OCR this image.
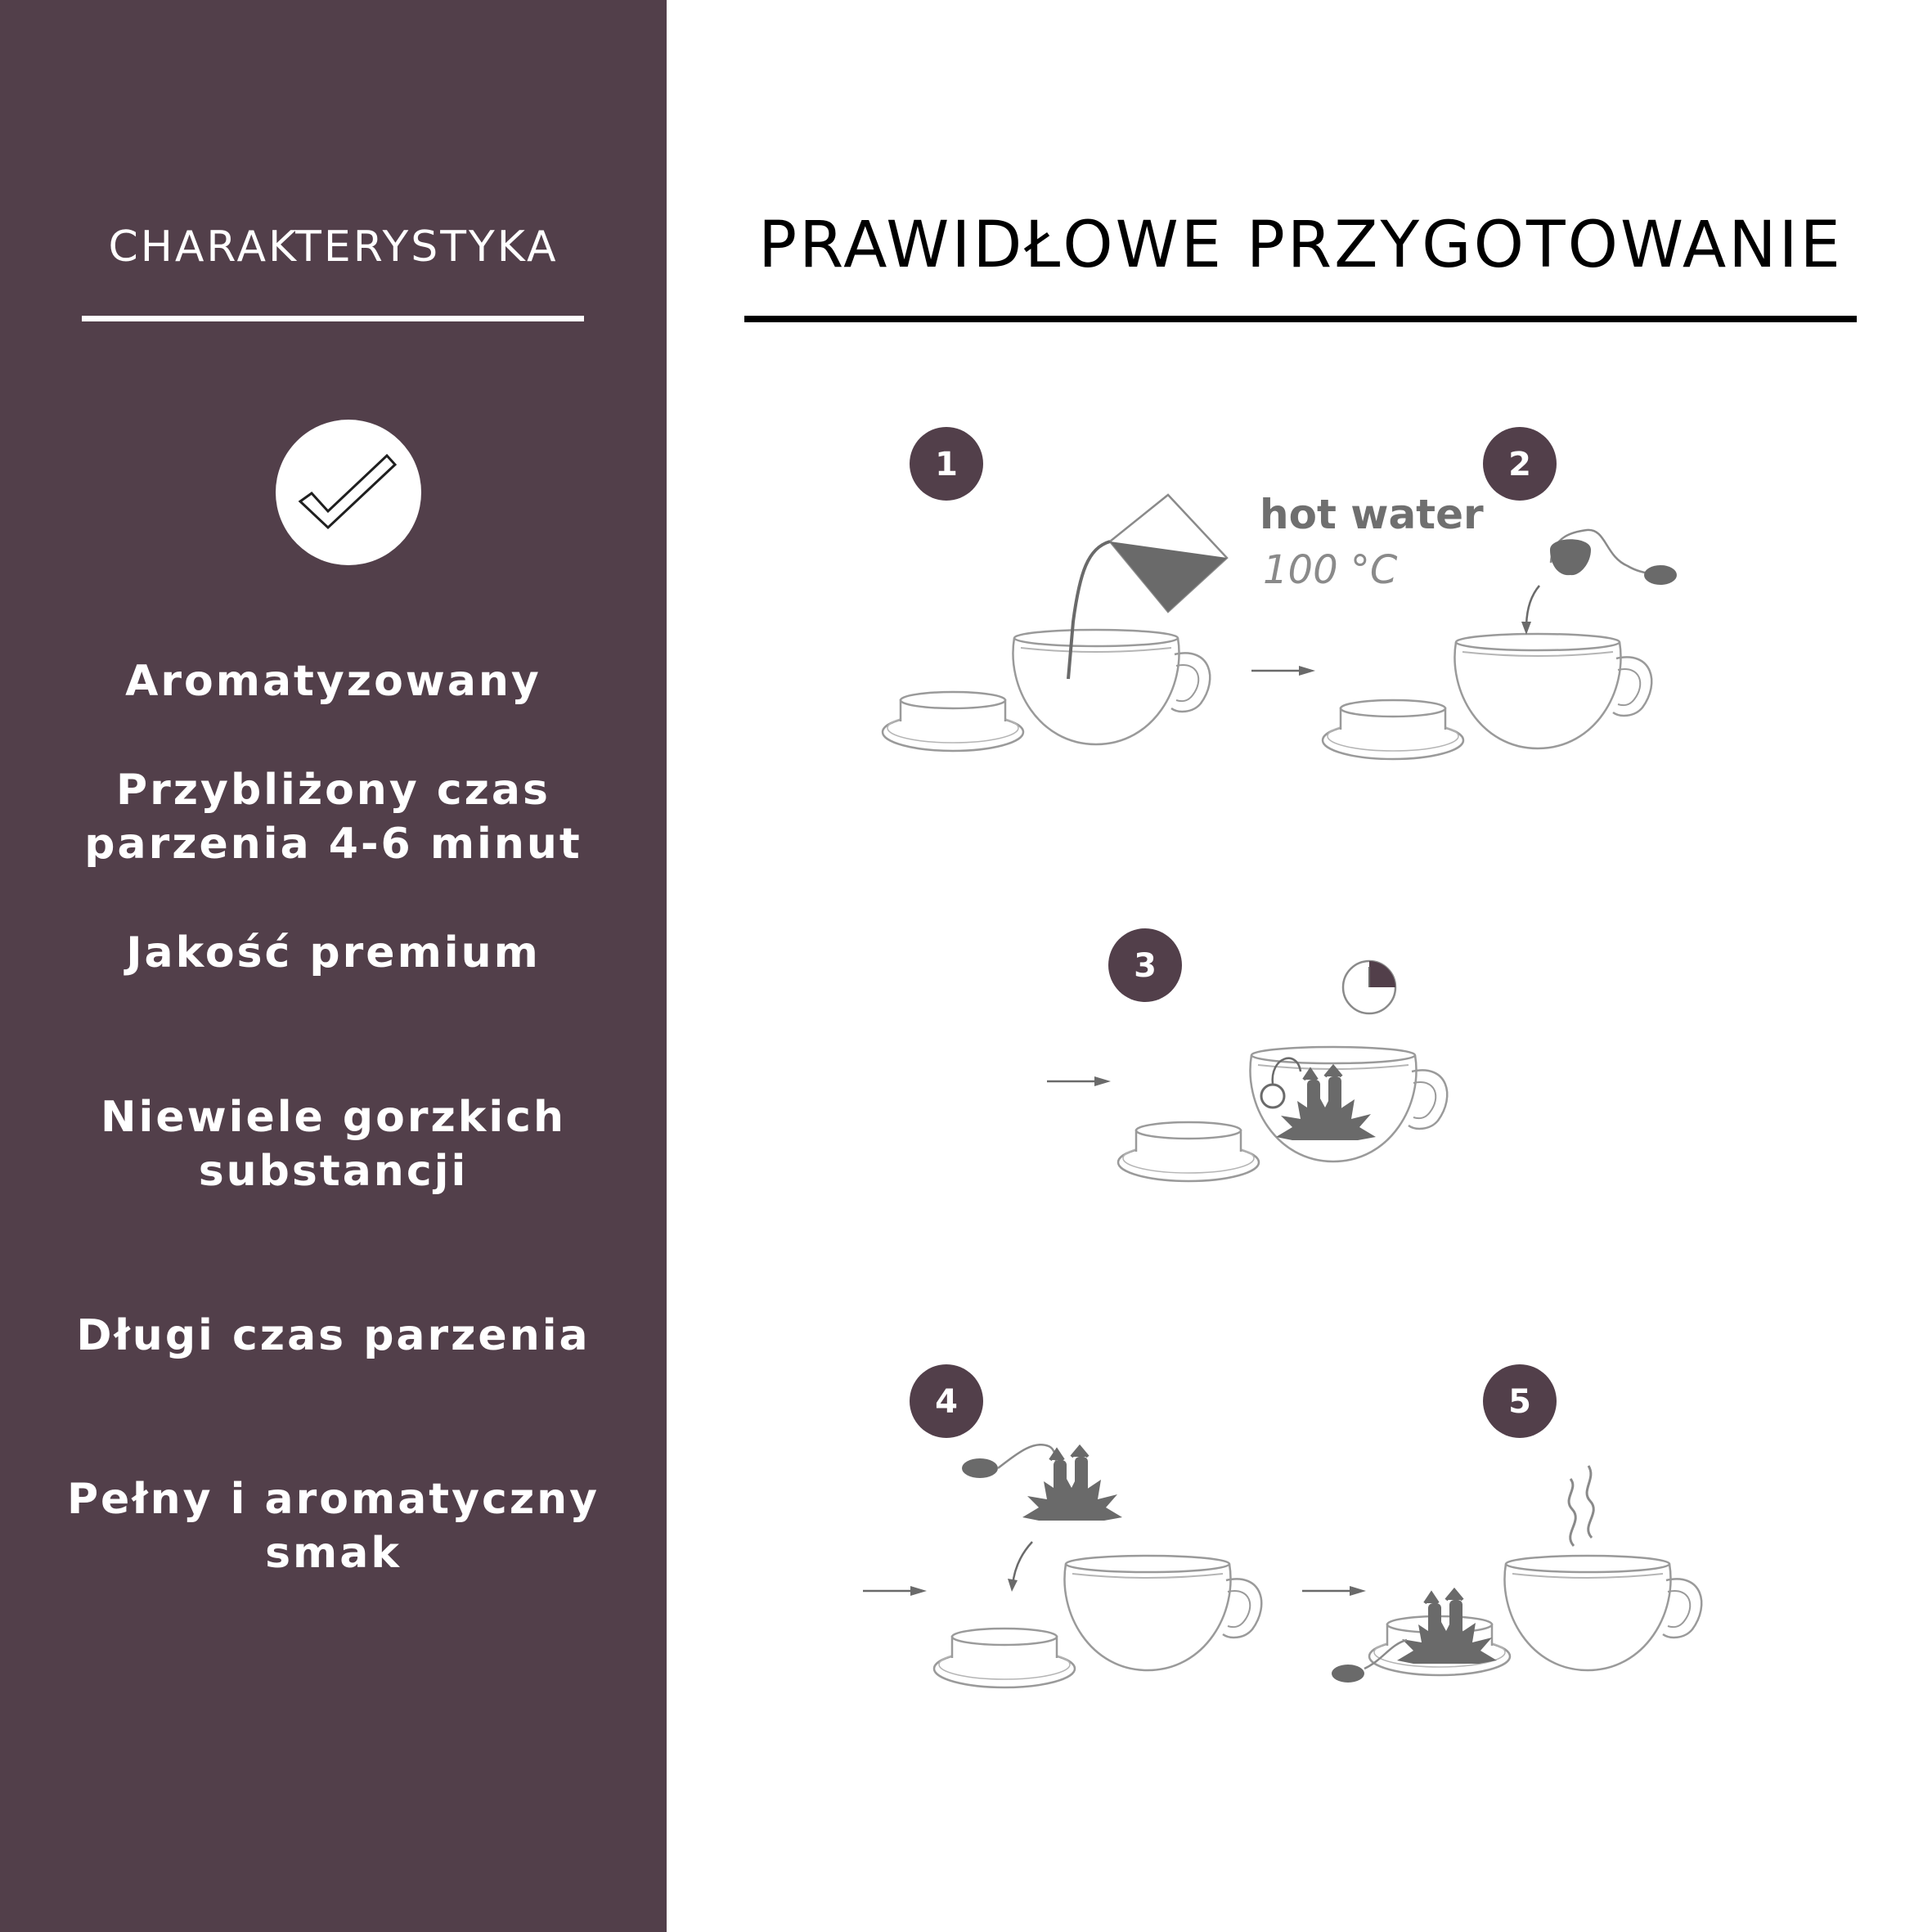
CHARAKTERYSTYKA

Aromatyzowany

Przybliżony czas parzenia 4-6 minut

Jakość premium

Niewiele gorzkich substancji

Długi czas parzenia

Pełny i aromatyczny smak

PRAWIDŁOWE PRZYGOTOWANIE
1
hot water
100 °C
2
3
4	5
